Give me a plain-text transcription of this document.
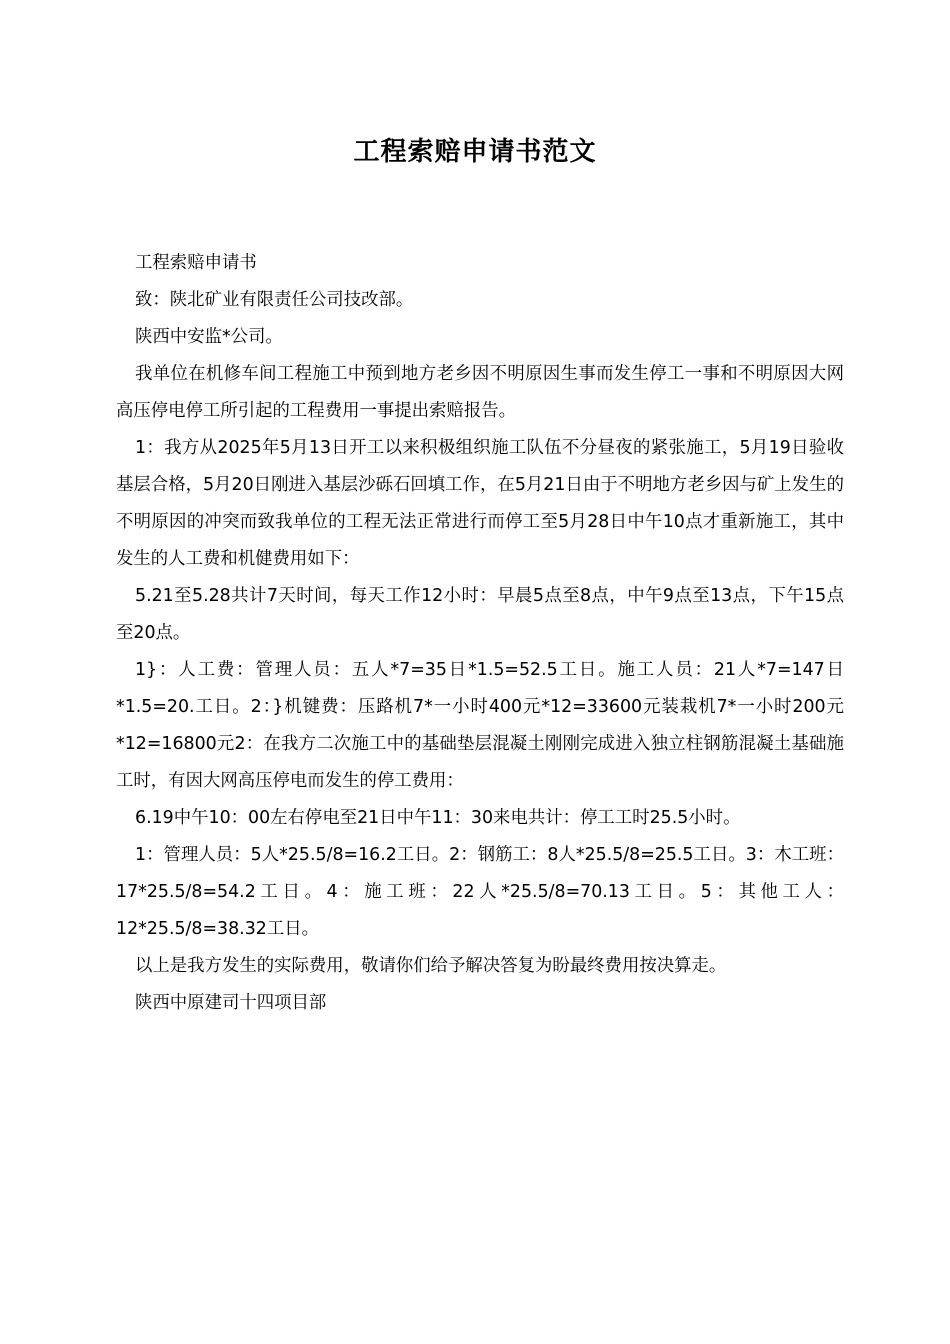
工程索赔申请书范文

工程索赔申请书

致：陕北矿业有限责任公司技改部。

陕西中安监*公司。

我单位在机修车间工程施工中预到地方老乡因不明原因生事而发生停工一事和不明原因大网高压停电停工所引起的工程费用一事提出索赔报告。

1：我方从2025年5月13日开工以来积极组织施工队伍不分昼夜的紧张施工，5月19日验收基层合格，5月20日刚进入基层沙砾石回填工作，在5月21日由于不明地方老乡因与矿上发生的不明原因的冲突而致我单位的工程无法正常进行而停工至5月28日中午10点才重新施工，其中发生的人工费和机健费用如下：

5.21至5.28共计7天时间，每天工作12小时：早晨5点至8点，中午9点至13点，下午15点至20点。

1}：人工费：管理人员：五人*7=35日*1.5=52.5工日。施工人员：21人*7=147日*1.5=20.工日。2：}机键费：压路机7*一小时400元*12=33600元装栽机7*一小时200元*12=16800元2：在我方二次施工中的基础垫层混凝土刚刚完成进入独立柱钢筋混凝土基础施工时，有因大网高压停电而发生的停工费用：

6.19中午10：00左右停电至21日中午11：30来电共计：停工工时25.5小时。

1：管理人员：5人*25.5/8=16.2工日。2：钢筋工：8人*25.5/8=25.5工日。3：木工班：17*25.5/8=54.2工日。4：施工班：22人*25.5/8=70.13工日。5：其他工人：12*25.5/8=38.32工日。

以上是我方发生的实际费用，敬请你们给予解决答复为盼最终费用按决算走。

陕西中原建司十四项目部
